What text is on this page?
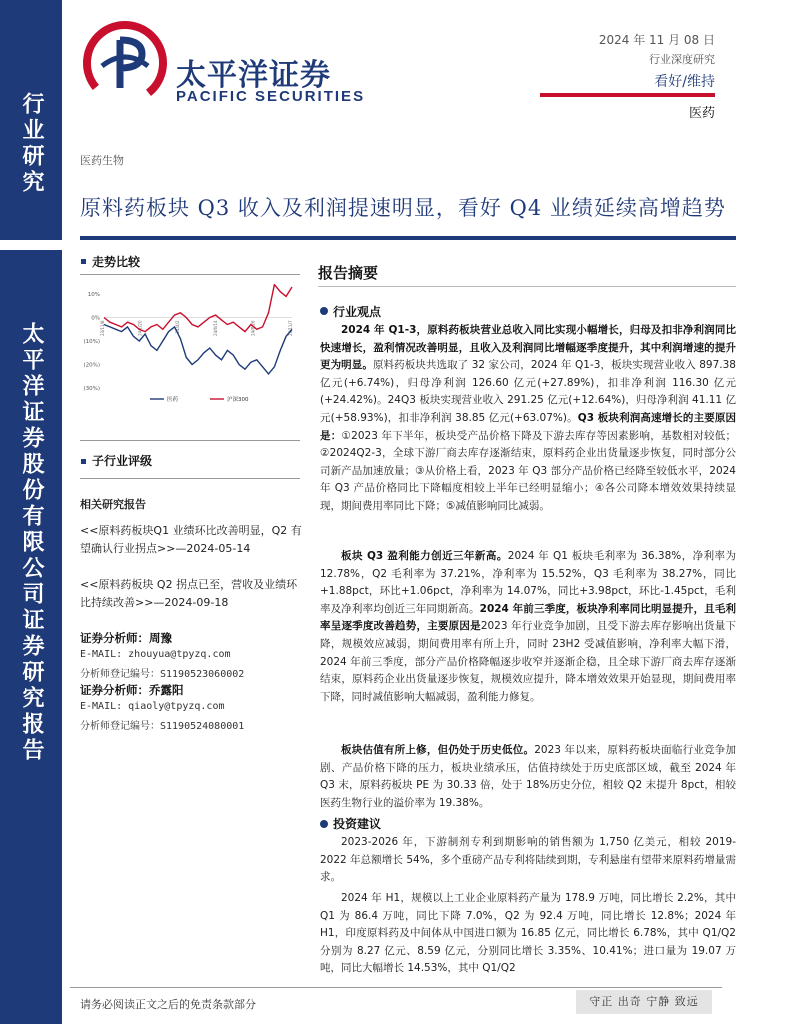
行业研究
太平洋证券股份有限公司证券研究报告
太平洋证券
PACIFIC SECURITIES
2024 年 11 月 08 日
行业深度研究
看好/维持
医药
医药生物
原料药板块 Q3 收入及利润提速明显，看好 Q4 业绩延续高增趋势
走势比较
10%
0%
(10%)
(20%)
(30%)
23/11/8	24/1/20	24/4/2	24/6/14	24/8/26	24/11/7
医药	沪深300
子行业评级
相关研究报告
<<原料药板块Q1 业绩环比改善明显，Q2 有望确认行业拐点>>—2024-05-14
<<原料药板块 Q2 拐点已至，营收及业绩环比持续改善>>—2024-09-18
证券分析师：周豫
E-MAIL: zhouyua@tpyzq.com
分析师登记编号：S1190523060002
证券分析师：乔露阳
E-MAIL: qiaoly@tpyzq.com
分析师登记编号：S1190524080001
报告摘要
行业观点
2024 年 Q1-3，原料药板块营业总收入同比实现小幅增长，归母及扣非净利润同比快速增长，盈利情况改善明显，且收入及利润同比增幅逐季度提升，其中利润增速的提升更为明显。原料药板块共选取了 32 家公司，2024 年 Q1-3，板块实现营业收入 897.38 亿元(+6.74%)，归母净利润 126.60 亿元(+27.89%)，扣非净利润 116.30 亿元(+24.42%)。24Q3 板块实现营业收入 291.25 亿元(+12.64%)，归母净利润 41.11 亿元(+58.93%)，扣非净利润 38.85 亿元(+63.07%)。Q3 板块利润高速增长的主要原因是：①2023 年下半年，板块受产品价格下降及下游去库存等因素影响，基数相对较低；②2024Q2-3，全球下游厂商去库存逐渐结束，原料药企业出货量逐步恢复，同时部分公司新产品加速放量；③从价格上看，2023 年 Q3 部分产品价格已经降至较低水平，2024 年 Q3 产品价格同比下降幅度相较上半年已经明显缩小；④各公司降本增效效果持续显现，期间费用率同比下降；⑤减值影响同比减弱。
板块 Q3 盈利能力创近三年新高。2024 年 Q1 板块毛利率为 36.38%，净利率为 12.78%，Q2 毛利率为 37.21%，净利率为 15.52%，Q3 毛利率为 38.27%，同比+1.88pct，环比+1.06pct，净利率为 14.07%，同比+3.98pct，环比-1.45pct，毛利率及净利率均创近三年同期新高。2024 年前三季度，板块净利率同比明显提升，且毛利率呈逐季度改善趋势，主要原因是2023 年行业竞争加剧，且受下游去库存影响出货量下降，规模效应减弱，期间费用率有所上升，同时 23H2 受减值影响，净利率大幅下滑，2024 年前三季度，部分产品价格降幅逐步收窄并逐渐企稳，且全球下游厂商去库存逐渐结束，原料药企业出货量逐步恢复，规模效应提升，降本增效效果开始显现，期间费用率下降，同时减值影响大幅减弱，盈利能力修复。
板块估值有所上修，但仍处于历史低位。2023 年以来，原料药板块面临行业竞争加剧、产品价格下降的压力，板块业绩承压，估值持续处于历史底部区域，截至 2024 年 Q3 末，原料药板块 PE 为 30.33 倍，处于 18%历史分位，相较 Q2 末提升 8pct，相较医药生物行业的溢价率为 19.38%。
投资建议
2023-2026 年，下游制剂专利到期影响的销售额为 1,750 亿美元，相较 2019-2022 年总额增长 54%，多个重磅产品专利将陆续到期，专利悬崖有望带来原料药增量需求。
2024 年 H1，规模以上工业企业原料药产量为 178.9 万吨，同比增长 2.2%，其中 Q1 为 86.4 万吨，同比下降 7.0%，Q2 为 92.4 万吨，同比增长 12.8%；2024 年 H1，印度原料药及中间体从中国进口额为 16.85 亿元，同比增长 6.78%，其中 Q1/Q2 分别为 8.27 亿元、8.59 亿元，分别同比增长 3.35%、10.41%；进口量为 19.07 万吨，同比大幅增长 14.53%，其中 Q1/Q2
请务必阅读正文之后的免责条款部分	守正 出奇 宁静 致远
